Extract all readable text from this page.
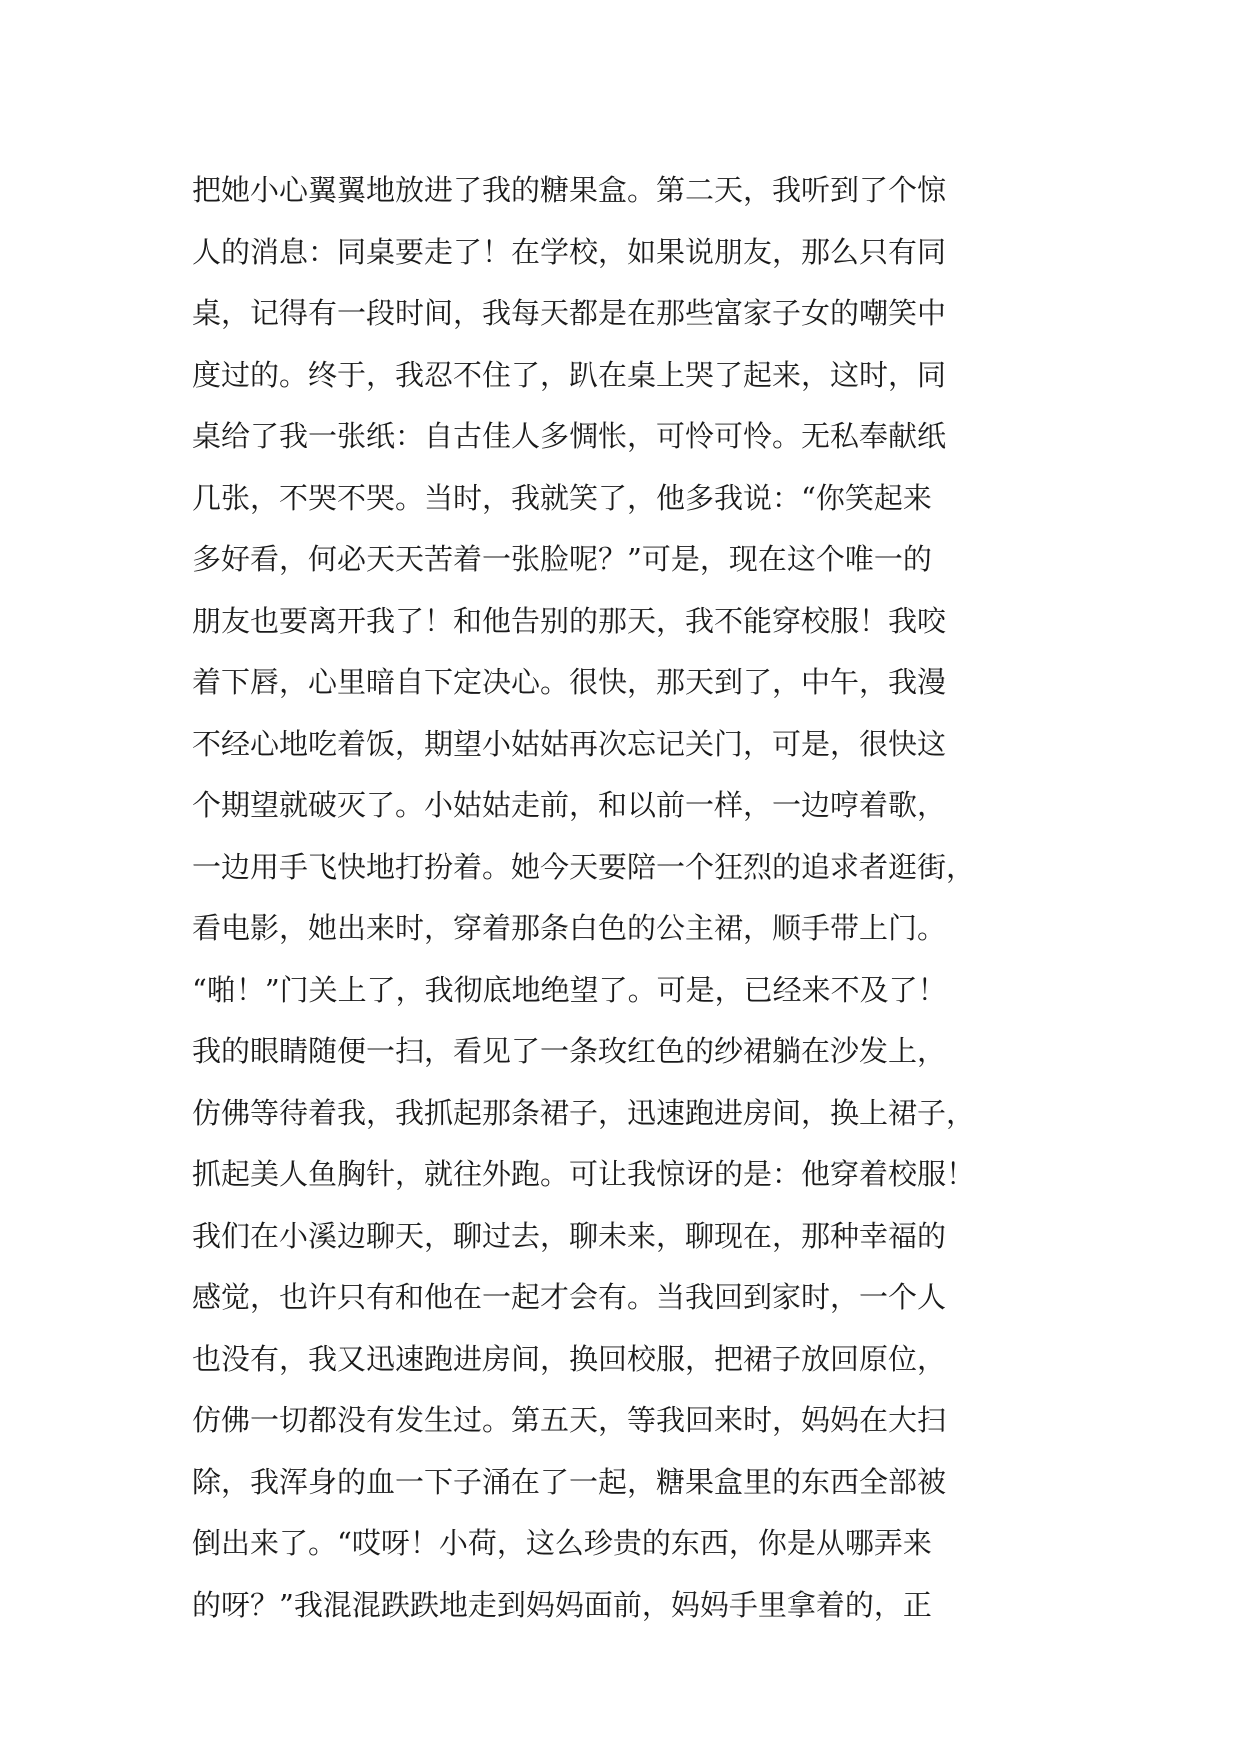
把她小心翼翼地放进了我的糖果盒。第二天，我听到了个惊
人的消息：同桌要走了！在学校，如果说朋友，那么只有同
桌，记得有一段时间，我每天都是在那些富家子女的嘲笑中
度过的。终于，我忍不住了，趴在桌上哭了起来，这时，同
桌给了我一张纸：自古佳人多惆怅，可怜可怜。无私奉献纸
几张，不哭不哭。当时，我就笑了，他多我说：“你笑起来
多好看，何必天天苦着一张脸呢？”可是，现在这个唯一的
朋友也要离开我了！和他告别的那天，我不能穿校服！我咬
着下唇，心里暗自下定决心。很快，那天到了，中午，我漫
不经心地吃着饭，期望小姑姑再次忘记关门，可是，很快这
个期望就破灭了。小姑姑走前，和以前一样，一边哼着歌，
一边用手飞快地打扮着。她今天要陪一个狂烈的追求者逛街，
看电影，她出来时，穿着那条白色的公主裙，顺手带上门。
“啪！”门关上了，我彻底地绝望了。可是，已经来不及了！
我的眼睛随便一扫，看见了一条玫红色的纱裙躺在沙发上，
仿佛等待着我，我抓起那条裙子，迅速跑进房间，换上裙子，
抓起美人鱼胸针，就往外跑。可让我惊讶的是：他穿着校服！
我们在小溪边聊天，聊过去，聊未来，聊现在，那种幸福的
感觉，也许只有和他在一起才会有。当我回到家时，一个人
也没有，我又迅速跑进房间，换回校服，把裙子放回原位，
仿佛一切都没有发生过。第五天，等我回来时，妈妈在大扫
除，我浑身的血一下子涌在了一起，糖果盒里的东西全部被
倒出来了。“哎呀！小荷，这么珍贵的东西，你是从哪弄来
的呀？”我混混跌跌地走到妈妈面前，妈妈手里拿着的，正
